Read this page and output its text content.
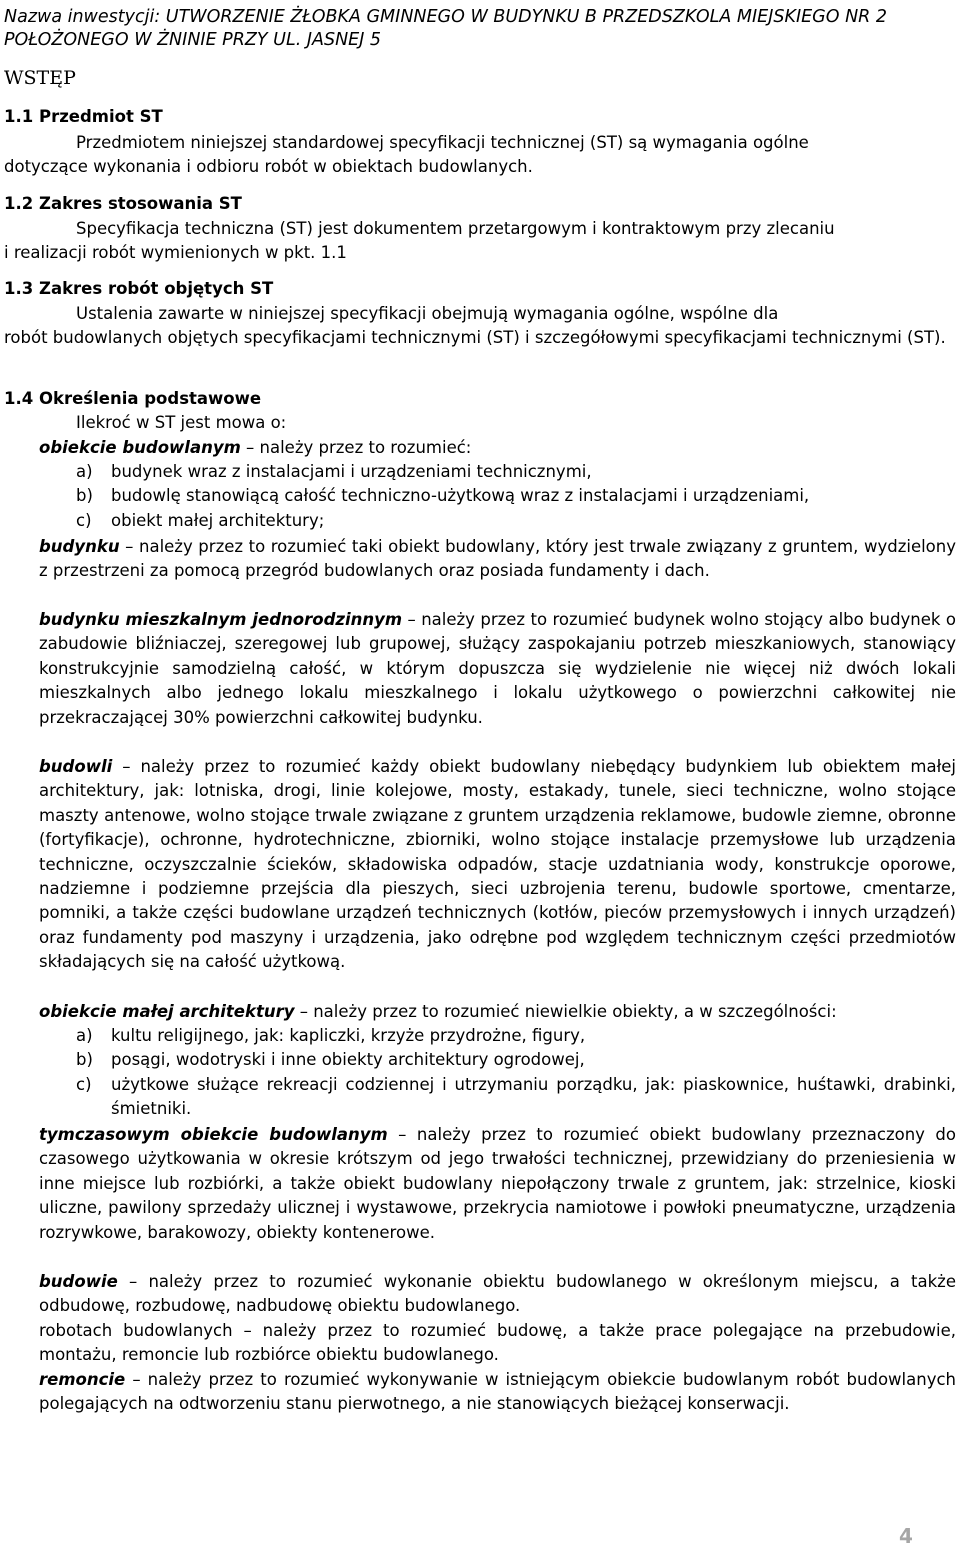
Nazwa inwestycji: UTWORZENIE ŻŁOBKA GMINNEGO W BUDYNKU B PRZEDSZKOLA MIEJSKIEGO NR 2 POŁOŻONEGO W ŻNINIE PRZY UL. JASNEJ 5
WSTĘP
1.1 Przedmiot ST
Przedmiotem niniejszej standardowej specyfikacji technicznej (ST) są wymagania ogólne
dotyczące wykonania i odbioru robót w obiektach budowlanych.
1.2 Zakres stosowania ST
Specyfikacja techniczna (ST) jest dokumentem przetargowym i kontraktowym przy zlecaniu
i realizacji robót wymienionych w pkt. 1.1
1.3 Zakres robót objętych ST
Ustalenia zawarte w niniejszej specyfikacji obejmują wymagania ogólne, wspólne dla
robót budowlanych objętych specyfikacjami technicznymi (ST) i szczegółowymi specyfikacjami technicznymi (ST).
1.4 Określenia podstawowe
Ilekroć w ST jest mowa o:
obiekcie budowlanym – należy przez to rozumieć:
a) budynek wraz z instalacjami i urządzeniami technicznymi,
b) budowlę stanowiącą całość techniczno-użytkową wraz z instalacjami i urządzeniami,
c) obiekt małej architektury;
budynku – należy przez to rozumieć taki obiekt budowlany, który jest trwale związany z gruntem, wydzielony z przestrzeni za pomocą przegród budowlanych oraz posiada fundamenty i dach.
budynku mieszkalnym jednorodzinnym – należy przez to rozumieć budynek wolno stojący albo budynek o zabudowie bliźniaczej, szeregowej lub grupowej, służący zaspokajaniu potrzeb mieszkaniowych, stanowiący konstrukcyjnie samodzielną całość, w którym dopuszcza się wydzielenie nie więcej niż dwóch lokali mieszkalnych albo jednego lokalu mieszkalnego i lokalu użytkowego o powierzchni całkowitej nie przekraczającej 30% powierzchni całkowitej budynku.
budowli – należy przez to rozumieć każdy obiekt budowlany niebędący budynkiem lub obiektem małej architektury, jak: lotniska, drogi, linie kolejowe, mosty, estakady, tunele, sieci techniczne, wolno stojące maszty antenowe, wolno stojące trwale związane z gruntem urządzenia reklamowe, budowle ziemne, obronne (fortyfikacje), ochronne, hydrotechniczne, zbiorniki, wolno stojące instalacje przemysłowe lub urządzenia techniczne, oczyszczalnie ścieków, składowiska odpadów, stacje uzdatniania wody, konstrukcje oporowe, nadziemne i podziemne przejścia dla pieszych, sieci uzbrojenia terenu, budowle sportowe, cmentarze, pomniki, a także części budowlane urządzeń technicznych (kotłów, pieców przemysłowych i innych urządzeń) oraz fundamenty pod maszyny i urządzenia, jako odrębne pod względem technicznym części przedmiotów składających się na całość użytkową.
obiekcie małej architektury – należy przez to rozumieć niewielkie obiekty, a w szczególności:
a) kultu religijnego, jak: kapliczki, krzyże przydrożne, figury,
b) posągi, wodotryski i inne obiekty architektury ogrodowej,
c) użytkowe służące rekreacji codziennej i utrzymaniu porządku, jak: piaskownice, huśtawki, drabinki, śmietniki.
tymczasowym obiekcie budowlanym – należy przez to rozumieć obiekt budowlany przeznaczony do czasowego użytkowania w okresie krótszym od jego trwałości technicznej, przewidziany do przeniesienia w inne miejsce lub rozbiórki, a także obiekt budowlany niepołączony trwale z gruntem, jak: strzelnice, kioski uliczne, pawilony sprzedaży ulicznej i wystawowe, przekrycia namiotowe i powłoki pneumatyczne, urządzenia rozrywkowe, barakowozy, obiekty kontenerowe.
budowie – należy przez to rozumieć wykonanie obiektu budowlanego w określonym miejscu, a także odbudowę, rozbudowę, nadbudowę obiektu budowlanego.
robotach budowlanych – należy przez to rozumieć budowę, a także prace polegające na przebudowie, montażu, remoncie lub rozbiórce obiektu budowlanego.
remoncie – należy przez to rozumieć wykonywanie w istniejącym obiekcie budowlanym robót budowlanych polegających na odtworzeniu stanu pierwotnego, a nie stanowiących bieżącej konserwacji.
4
